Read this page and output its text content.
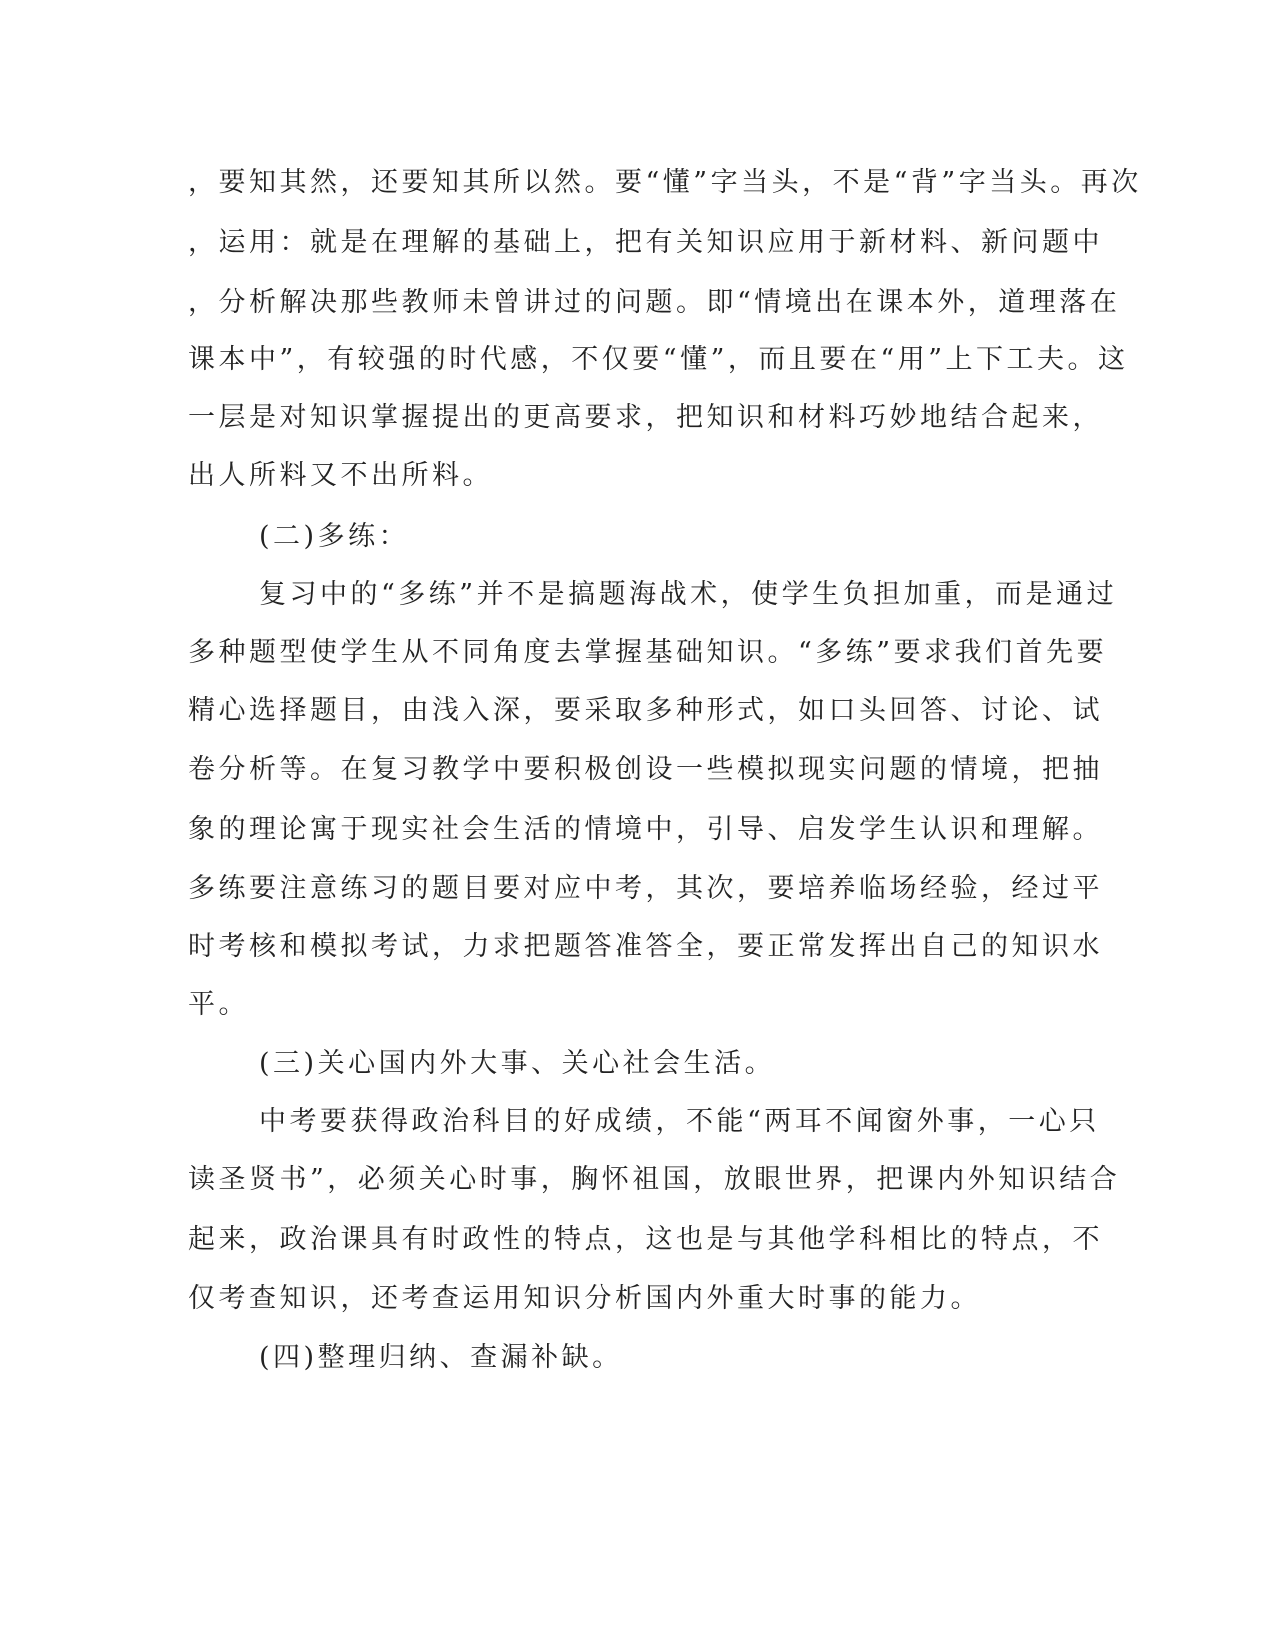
，要知其然，还要知其所以然。要“懂”字当头，不是“背”字当头。再次
，运用：就是在理解的基础上，把有关知识应用于新材料、新问题中
，分析解决那些教师未曾讲过的问题。即“情境出在课本外，道理落在
课本中”，有较强的时代感，不仅要“懂”，而且要在“用”上下工夫。这
一层是对知识掌握提出的更高要求，把知识和材料巧妙地结合起来，
出人所料又不出所料。
(二)多练：
复习中的“多练”并不是搞题海战术，使学生负担加重，而是通过
多种题型使学生从不同角度去掌握基础知识。“多练”要求我们首先要
精心选择题目，由浅入深，要采取多种形式，如口头回答、讨论、试
卷分析等。在复习教学中要积极创设一些模拟现实问题的情境，把抽
象的理论寓于现实社会生活的情境中，引导、启发学生认识和理解。
多练要注意练习的题目要对应中考，其次，要培养临场经验，经过平
时考核和模拟考试，力求把题答准答全，要正常发挥出自己的知识水
平。
(三)关心国内外大事、关心社会生活。
中考要获得政治科目的好成绩，不能“两耳不闻窗外事，一心只
读圣贤书”，必须关心时事，胸怀祖国，放眼世界，把课内外知识结合
起来，政治课具有时政性的特点，这也是与其他学科相比的特点，不
仅考查知识，还考查运用知识分析国内外重大时事的能力。
(四)整理归纳、查漏补缺。
